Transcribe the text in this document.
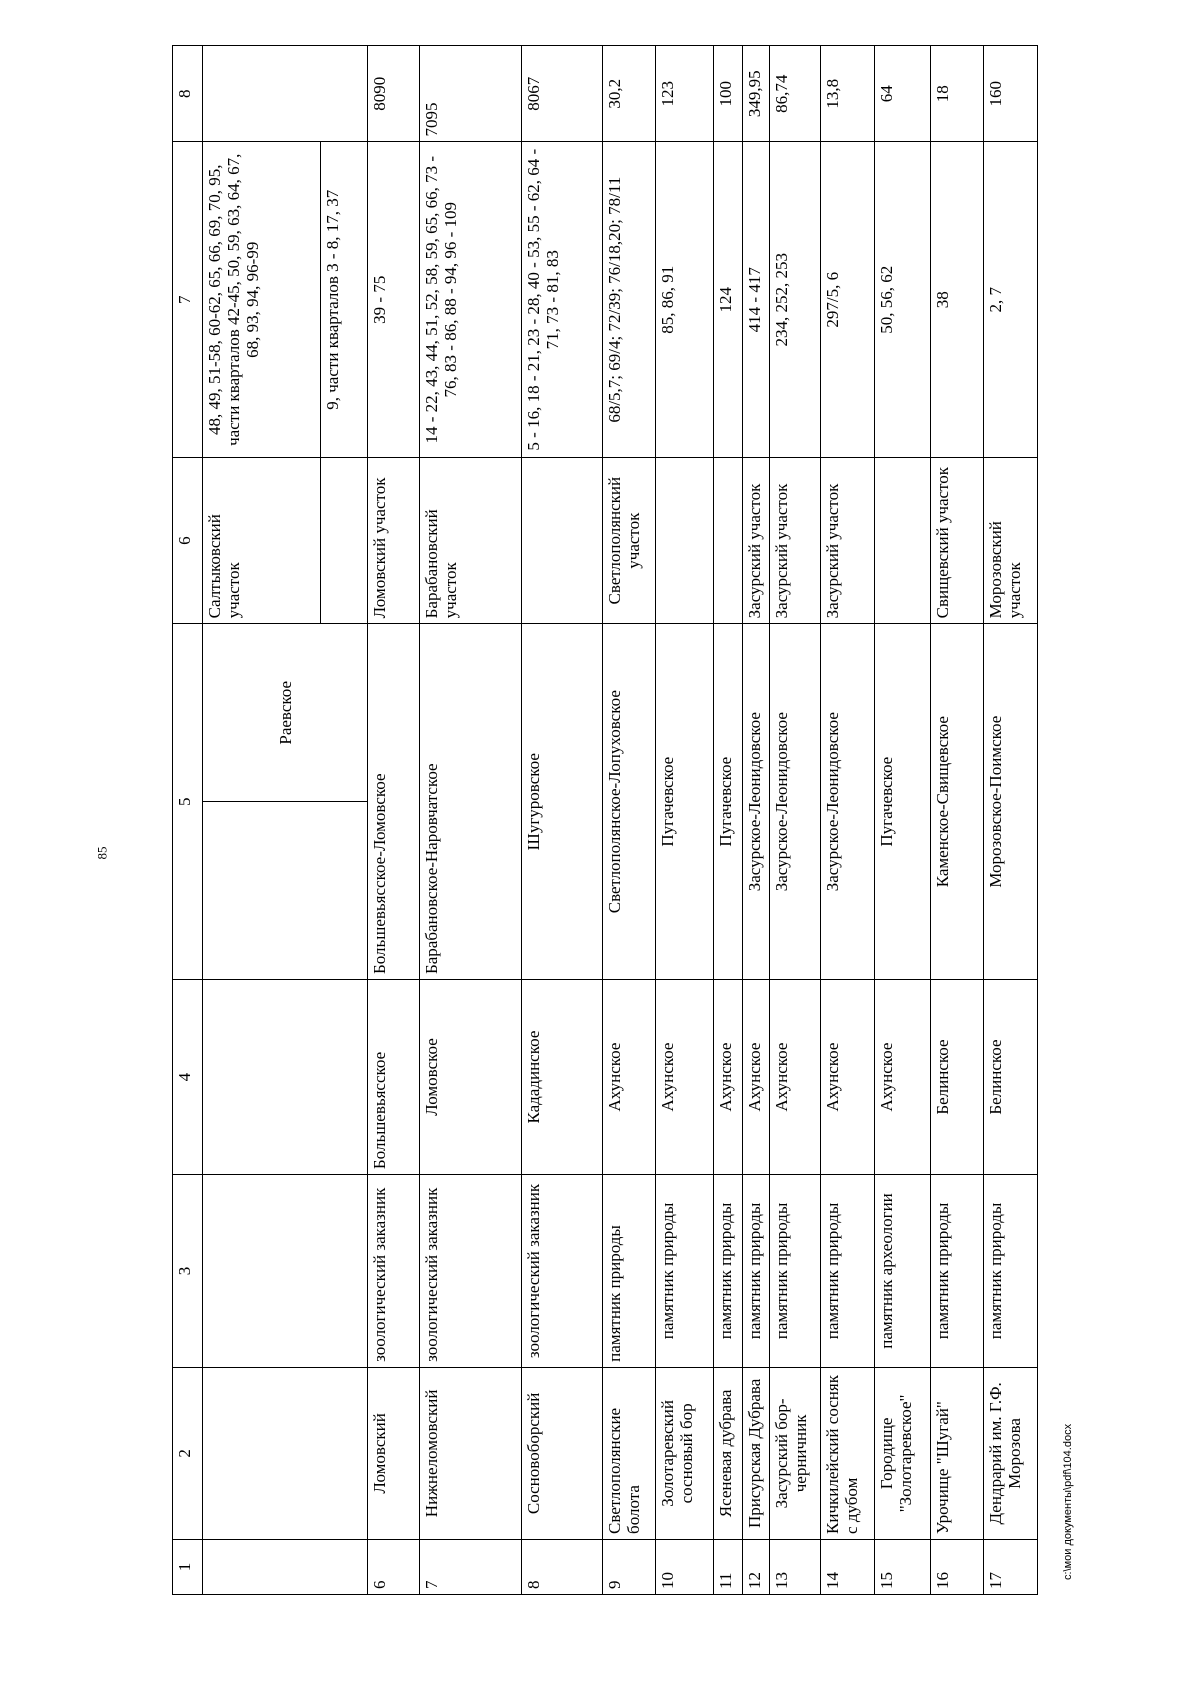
85
1	2	3	4	5		6	7	8
					Раевское	Салтыковский участок	48, 49, 51-58, 60-62, 65, 66, 69, 70, 95, части кварталов 42-45, 50, 59, 63, 64, 67, 68, 93, 94, 96-99	
							9, части кварталов 3 - 8, 17, 37	
6	Ломовский	зоологический заказник	Большевьясское	Большевьясское-Ломовское		Ломовский участок	39 - 75	8090
7	Нижнеломовский	зоологический заказник	Ломовское	Барабановское-Наровчатское		Барабановский участок	14 - 22, 43, 44, 51, 52, 58, 59, 65, 66, 73 - 76, 83 - 86, 88 - 94, 96 - 109	7095
8	Сосновоборский	зоологический заказник	Кададинское	Шугуровское			5 - 16, 18 - 21, 23 - 28, 40 - 53, 55 - 62, 64 - 71, 73 - 81, 83	8067
9	Светлополянские болота	памятник природы	Ахунское	Светлополянское-Лопуховское		Светлополянский участок	68/5,7; 69/4; 72/39; 76/18,20; 78/11	30,2
10	Золотаревский сосновый бор	памятник природы	Ахунское	Пугачевское			85, 86, 91	123
11	Ясеневая дубрава	памятник природы	Ахунское	Пугачевское			124	100
12	Присурская Дубрава	памятник природы	Ахунское	Засурское-Леонидовское		Засурский участок	414 - 417	349,95
13	Засурский бор-черничник	памятник природы	Ахунское	Засурское-Леонидовское		Засурский участок	234, 252, 253	86,74
14	Кичкилейский сосняк с дубом	памятник природы	Ахунское	Засурское-Леонидовское		Засурский участок	297/5, 6	13,8
15	Городище "Золотаревское"	памятник археологии	Ахунское	Пугачевское			50, 56, 62	64
16	Урочище "Шугай"	памятник природы	Белинское	Каменское-Свищевское		Свищевский участок	38	18
17	Дендрарий им. Г.Ф. Морозова	памятник природы	Белинское	Морозовское-Поимское		Морозовский участок	2, 7	160
c:\мои документы\pdf\104.docx
